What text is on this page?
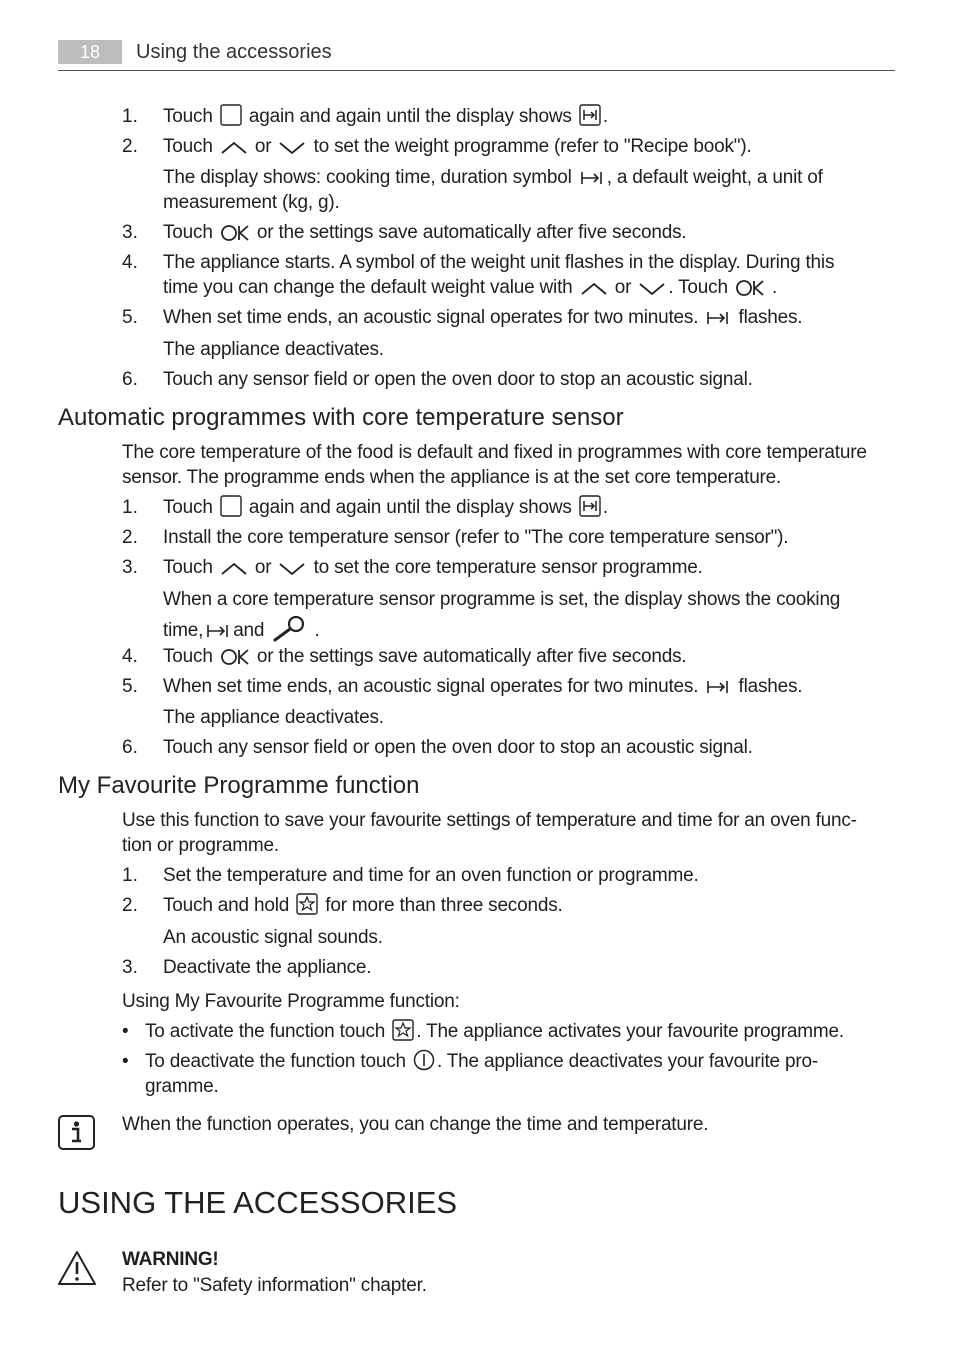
18	Using the accessories
1. Touch again and again until the display shows .
2. Touch or to set the weight programme (refer to "Recipe book").
The display shows: cooking time, duration symbol , a default weight, a unit of
measurement (kg, g).
3. Touch or the settings save automatically after five seconds.
4. The appliance starts. A symbol of the weight unit flashes in the display. During this
time you can change the default weight value with or . Touch .
5. When set time ends, an acoustic signal operates for two minutes. flashes.
The appliance deactivates.
6. Touch any sensor field or open the oven door to stop an acoustic signal.
Automatic programmes with core temperature sensor
The core temperature of the food is default and fixed in programmes with core temperature
sensor. The programme ends when the appliance is at the set core temperature.
1. Touch again and again until the display shows .
2. Install the core temperature sensor (refer to "The core temperature sensor").
3. Touch or to set the core temperature sensor programme.
When a core temperature sensor programme is set, the display shows the cooking
time, and	.
4. Touch or the settings save automatically after five seconds.
5. When set time ends, an acoustic signal operates for two minutes. flashes.
The appliance deactivates.
6. Touch any sensor field or open the oven door to stop an acoustic signal.
My Favourite Programme function
Use this function to save your favourite settings of temperature and time for an oven func-
tion or programme.
1. Set the temperature and time for an oven function or programme.
2. Touch and hold for more than three seconds.
An acoustic signal sounds.
3. Deactivate the appliance.
Using My Favourite Programme function:
• To activate the function touch . The appliance activates your favourite programme.
• To deactivate the function touch . The appliance deactivates your favourite pro-
gramme.
When the function operates, you can change the time and temperature.
USING THE ACCESSORIES
WARNING!
Refer to "Safety information" chapter.
